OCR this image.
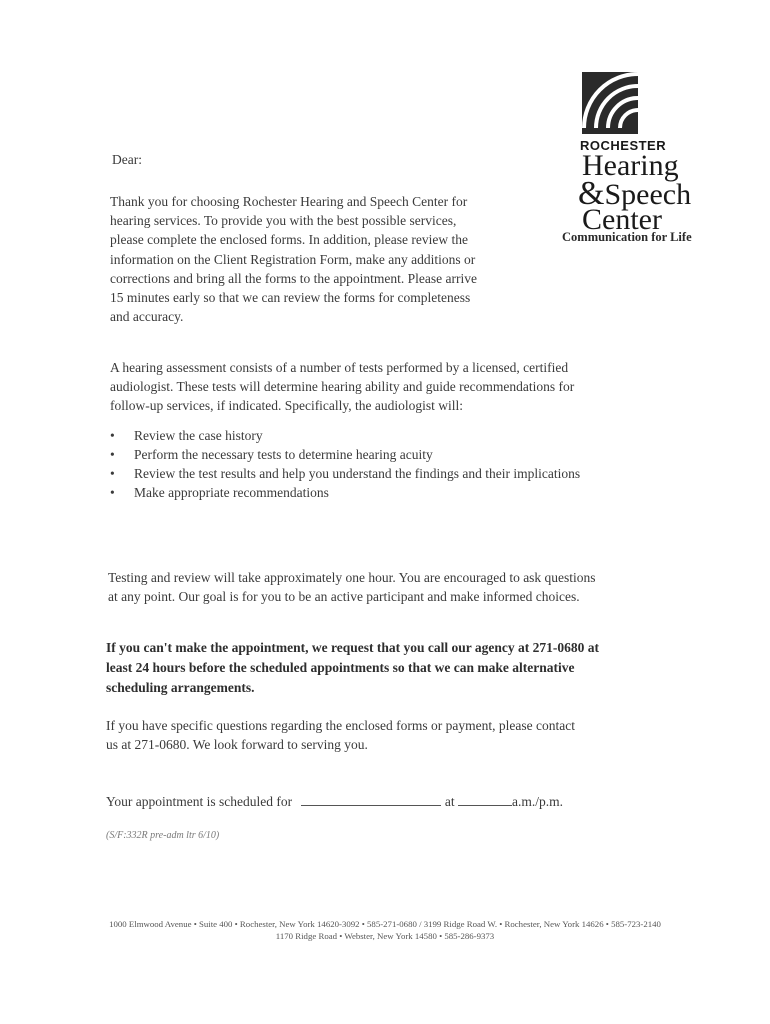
ROCHESTER
Hearing
&Speech
Center
Communication for Life
Dear:
Thank you for choosing Rochester Hearing and Speech Center for hearing services. To provide you with the best possible services, please complete the enclosed forms. In addition, please review the information on the Client Registration Form, make any additions or corrections and bring all the forms to the appointment. Please arrive 15 minutes early so that we can review the forms for completeness and accuracy.
A hearing assessment consists of a number of tests performed by a licensed, certified audiologist. These tests will determine hearing ability and guide recommendations for follow-up services, if indicated. Specifically, the audiologist will:
• Review the case history
• Perform the necessary tests to determine hearing acuity
• Review the test results and help you understand the findings and their implications
• Make appropriate recommendations
Testing and review will take approximately one hour. You are encouraged to ask questions at any point. Our goal is for you to be an active participant and make informed choices.
If you can't make the appointment, we request that you call our agency at 271-0680 at least 24 hours before the scheduled appointments so that we can make alternative scheduling arrangements.
If you have specific questions regarding the enclosed forms or payment, please contact us at 271-0680. We look forward to serving you.
Your appointment is scheduled for	at	a.m./p.m.
(S/F:332R pre-adm ltr 6/10)
1000 Elmwood Avenue • Suite 400 • Rochester, New York 14620-3092 • 585-271-0680 / 3199 Ridge Road W. • Rochester, New York 14626 • 585-723-2140
1170 Ridge Road • Webster, New York 14580 • 585-286-9373
